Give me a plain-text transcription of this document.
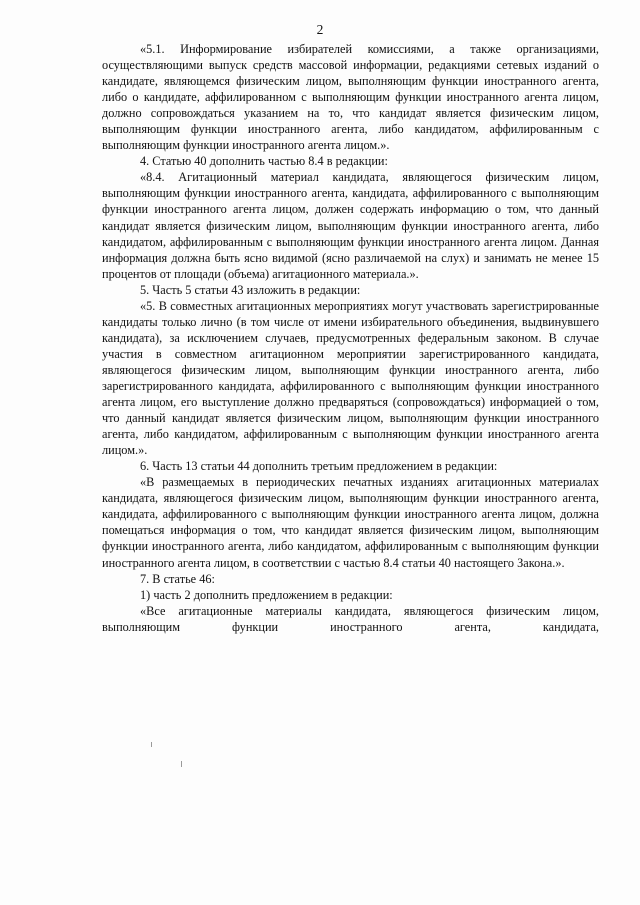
2

«5.1. Информирование избирателей комиссиями, а также организациями, осуществляющими выпуск средств массовой информации, редакциями сетевых изданий о кандидате, являющемся физическим лицом, выполняющим функции иностранного агента, либо о кандидате, аффилированном с выполняющим функции иностранного агента лицом, должно сопровождаться указанием на то, что кандидат является физическим лицом, выполняющим функции иностранного агента, либо кандидатом, аффилированным с выполняющим функции иностранного агента лицом.».

4. Статью 40 дополнить частью 8.4 в редакции:

«8.4. Агитационный материал кандидата, являющегося физическим лицом, выполняющим функции иностранного агента, кандидата, аффилированного с выполняющим функции иностранного агента лицом, должен содержать информацию о том, что данный кандидат является физическим лицом, выполняющим функции иностранного агента, либо кандидатом, аффилированным с выполняющим функции иностранного агента лицом. Данная информация должна быть ясно видимой (ясно различаемой на слух) и занимать не менее 15 процентов от площади (объема) агитационного материала.».

5. Часть 5 статьи 43 изложить в редакции:

«5. В совместных агитационных мероприятиях могут участвовать зарегистрированные кандидаты только лично (в том числе от имени избирательного объединения, выдвинувшего кандидата), за исключением случаев, предусмотренных федеральным законом. В случае участия в совместном агитационном мероприятии зарегистрированного кандидата, являющегося физическим лицом, выполняющим функции иностранного агента, либо зарегистрированного кандидата, аффилированного с выполняющим функции иностранного агента лицом, его выступление должно предваряться (сопровождаться) информацией о том, что данный кандидат является физическим лицом, выполняющим функции иностранного агента, либо кандидатом, аффилированным с выполняющим функции иностранного агента лицом.».

6. Часть 13 статьи 44 дополнить третьим предложением в редакции:

«В размещаемых в периодических печатных изданиях агитационных материалах кандидата, являющегося физическим лицом, выполняющим функции иностранного агента, кандидата, аффилированного с выполняющим функции иностранного агента лицом, должна помещаться информация о том, что кандидат является физическим лицом, выполняющим функции иностранного агента, либо кандидатом, аффилированным с выполняющим функции иностранного агента лицом, в соответствии с частью 8.4 статьи 40 настоящего Закона.».

7. В статье 46:

1) часть 2 дополнить предложением в редакции:

«Все агитационные материалы кандидата, являющегося физическим лицом, выполняющим функции иностранного агента, кандидата,
